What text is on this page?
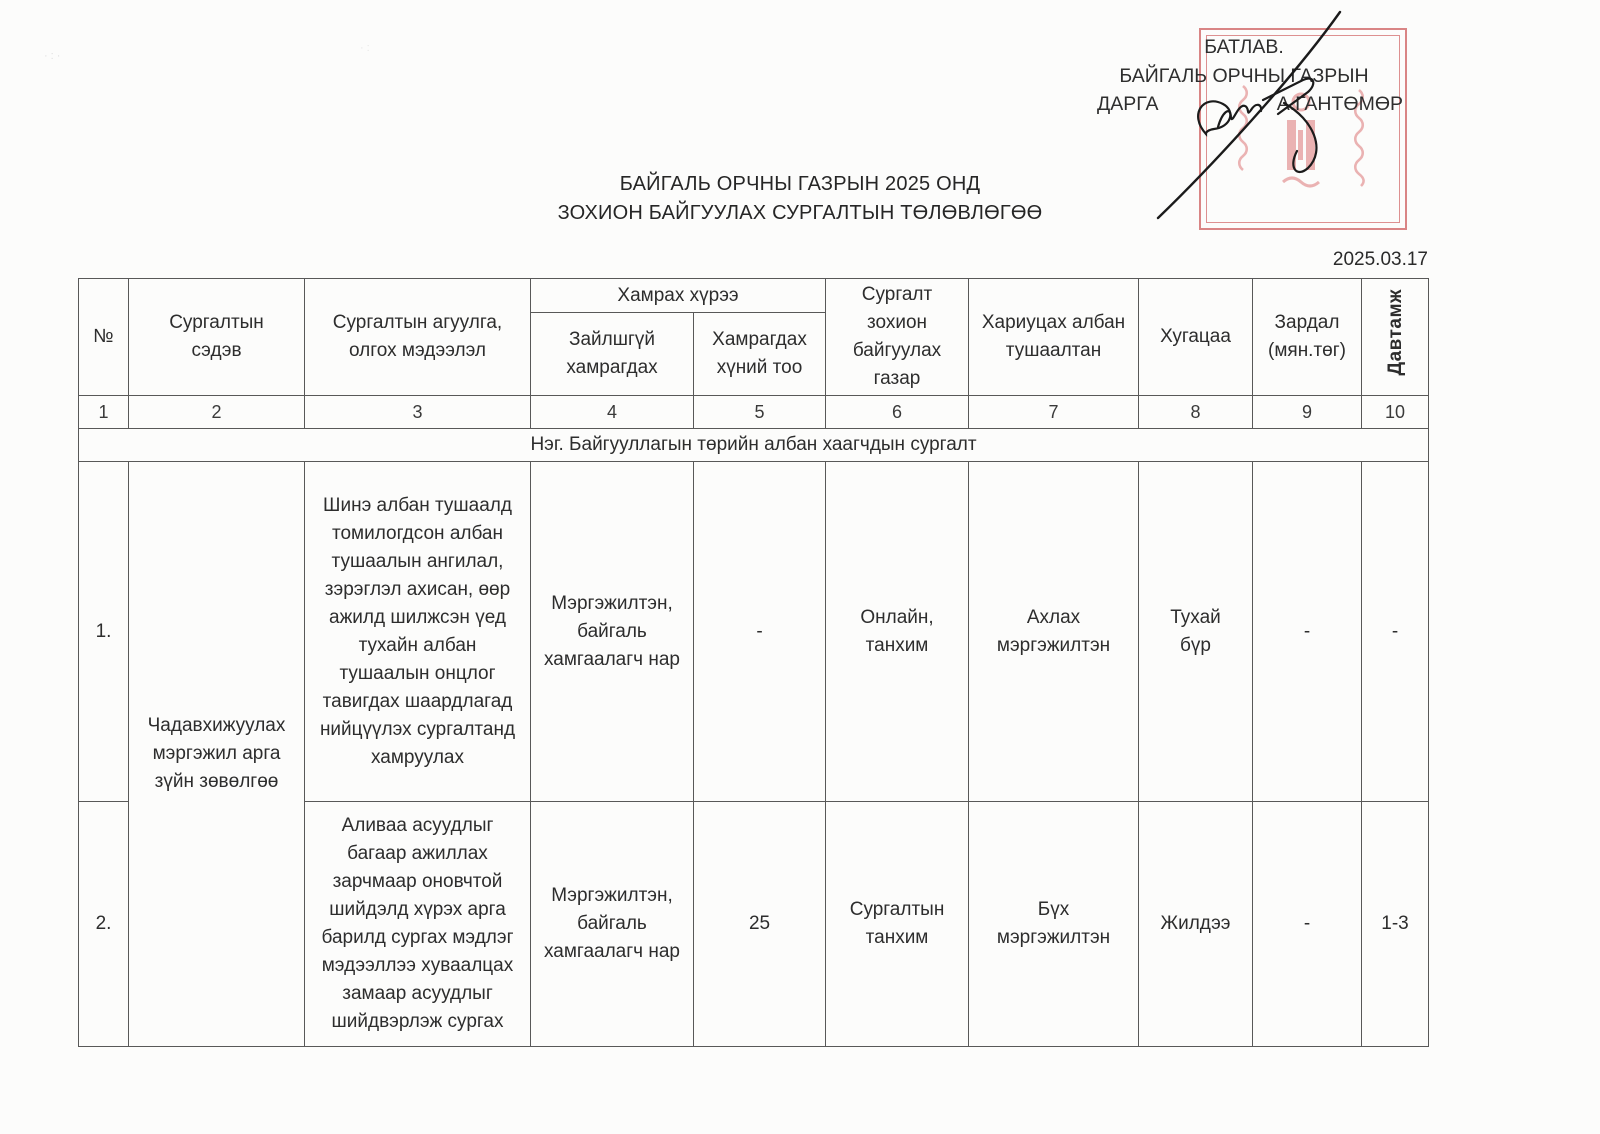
·:·
·:	БАТЛАВ.
БАЙГАЛЬ ОРЧНЫ ГАЗРЫН
ДАРГА	А.ГАНТӨМӨР
БАЙГАЛЬ ОРЧНЫ ГАЗРЫН 2025 ОНД
ЗОХИОН БАЙГУУЛАХ СУРГАЛТЫН ТӨЛӨВЛӨГӨӨ
2025.03.17
№	Сургалтын сэдэв	Сургалтын агуулга, олгох мэдээлэл	Хамрах хүрээ		Сургалт зохион байгуулах газар	Хариуцах албан тушаалтан	Хугацаа	Зардал (мян.төг)	Давтамж
			Зайлшгүй хамрагдах	Хамрагдах хүний тоо					
1	2	3	4	5	6	7	8	9	10
Нэг. Байгууллагын төрийн албан хаагчдын сургалт									
1.	Чадавхижуулах мэргэжил арга зүйн зөвөлгөө	Шинэ албан тушаалд томилогдсон албан тушаалын ангилал, зэрэглэл ахисан, өөр ажилд шилжсэн үед тухайн албан тушаалын онцлог тавигдах шаардлагад нийцүүлэх сургалтанд хамруулах	Мэргэжилтэн, байгаль хамгаалагч нар	-	Онлайн, танхим	Ахлах мэргэжилтэн	Тухай бүр	-	-
2.		Аливаа асуудлыг багаар ажиллах зарчмаар оновчтой шийдэлд хүрэх арга барилд сургах мэдлэг мэдээллээ хуваалцах замаар асуудлыг шийдвэрлэж сургах	Мэргэжилтэн, байгаль хамгаалагч нар	25	Сургалтын танхим	Бүх мэргэжилтэн	Жилдээ	-	1-3
